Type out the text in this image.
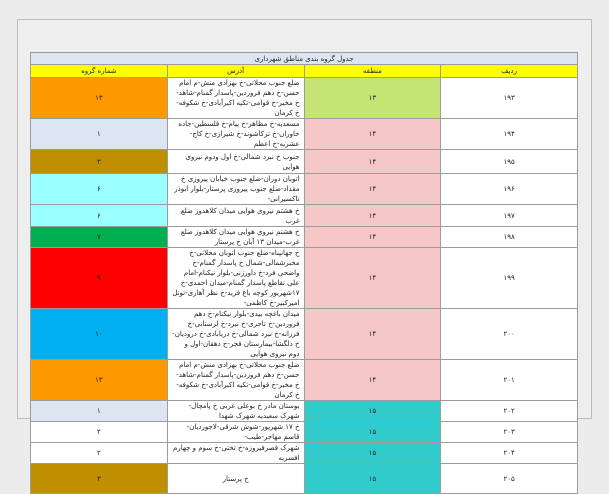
جدول گروه بندی مناطق شهرداری			
ردیف	منطقه	آدرس	شماره گروه
۱۹۳	۱۳	ضلع جنوب محلاتی-خ بهزادی منش-م امام حسن-خ دهم فروردین-پاسدار گمنام-شاهد-خ مخبر-خ قوامی-تکیه اکبرآبادی-خ شکوفه-خ کرمان	۱۳
۱۹۴	۱۴	مسعدیه-خ مظاهر-خ پیام-خ فلسطین-جاده خاوران-خ ترکاشوند-خ شیرازی-خ کاج-عشریه-خ اعظم	۱
۱۹۵	۱۴	جنوب خ نبرد شمالی-خ اول ودوم نیروی هوایی	۳
۱۹۶	۱۴	اتوبان دوران-ضلع جنوب خیابان پیروزی خ مقداد-ضلع جنوب پیروزی پرستار-بلوار ابوذر تاکسیرانی-	۶
۱۹۷	۱۴	خ هشتم نیروی هوایی میدان کلاهدوز ضلع غرب	۶
۱۹۸	۱۴	خ هشتم نیروی هوایی میدان کلاهدوز ضلع غرب-میدان ۱۳ آبان خ پرستار	۷
۱۹۹	۱۴	خ جهانپناه-ضلع جنوب اتوبان محلاتی-خ مخبرشمالی-شمال خ پاسدار گمنام-خ واضحی فرد-خ داورزنی-بلوار نیکنام-امام علی تقاطع پاسدار گمنام-میدان احمدی-خ ۱۷شهریور کوچه باغ فرید-خ نظر آهاری-تونل امیرکبیر-خ کاظمی-	۹
۲۰۰	۱۴	میدان باغچه بیدی-بلوار نیکنام-خ دهم فروردین-خ تاجری-خ نبرد-خ لرستانی-خ فرزانه-خ نبرد شمالی-خ دریابادی-خ درودیان-خ دلگشا-بیمارستان فجر-خ دهقان-اول و دوم نیروی هوایی	۱۰
۲۰۱	۱۴	ضلع جنوب محلاتی-خ بهزادی منش-م امام حسن-خ دهم فروردین-پاسدار گمنام-شاهد-خ مخبر-خ قوامی-تکیه اکبرآبادی-خ شکوفه-خ کرمان	۱۳
۲۰۲	۱۵	بوستان مادر خ بوعلی غربی خ پامچال-شهرک سعیدیه شهرک شهدا	۱
۲۰۳	۱۵	خ ۱۷ شهریور-شوش شرقی-لاجوردیان-قاسم مهاجر-طیب-	۲
۲۰۴	۱۵	شهرک قصرفیروزه-خ تختی-خ سوم و چهارم افسریه	۲
۲۰۵	۱۵	خ پرستار	۳
